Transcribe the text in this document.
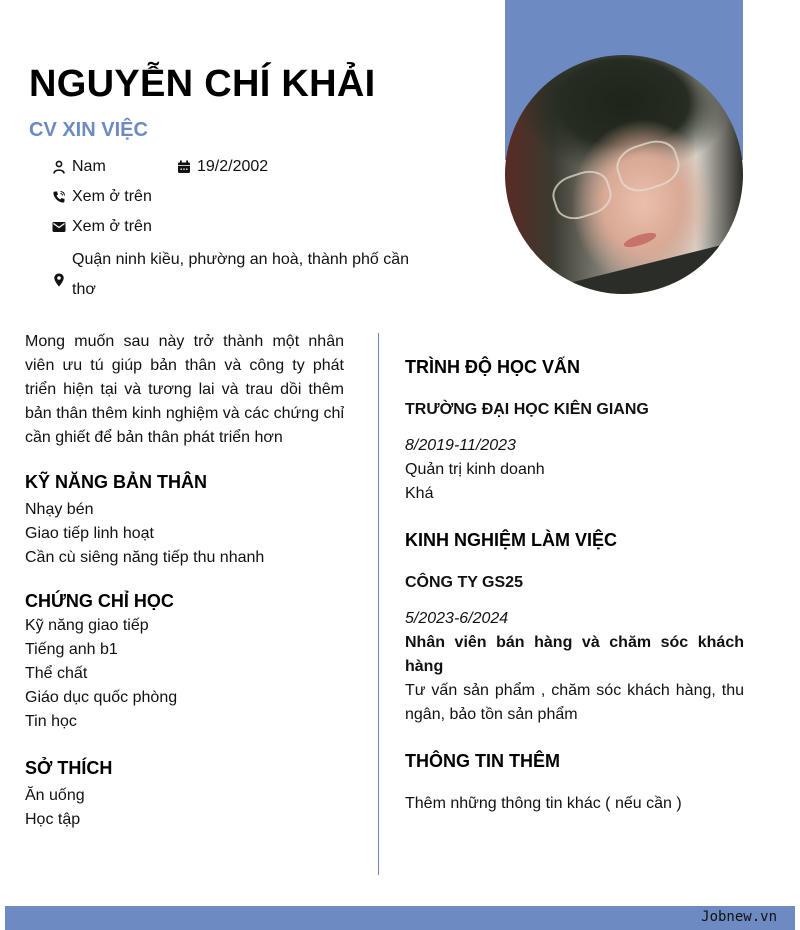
NGUYỄN CHÍ KHẢI
CV XIN VIỆC
Nam	19/2/2002
Xem ở trên
Xem ở trên
Quận ninh kiều, phường an hoà, thành phố cần thơ
Mong muốn sau này trở thành một nhân viên ưu tú giúp bản thân và công ty phát triển hiện tại và tương lai và trau dồi thêm bản thân thêm kinh nghiệm và các chứng chỉ cần ghiết để bản thân phát triển hơn
KỸ NĂNG BẢN THÂN
Nhạy bén
Giao tiếp linh hoạt
Cần cù siêng năng tiếp thu nhanh
CHỨNG CHỈ HỌC
Kỹ năng giao tiếp
Tiếng anh b1
Thể chất
Giáo dục quốc phòng
Tin học
SỞ THÍCH
Ăn uống
Học tập
TRÌNH ĐỘ HỌC VẤN
TRƯỜNG ĐẠI HỌC KIÊN GIANG
8/2019-11/2023
Quản trị kinh doanh
Khá
KINH NGHIỆM LÀM VIỆC
CÔNG TY GS25
5/2023-6/2024
Nhân viên bán hàng và chăm sóc khách hàng
Tư vấn sản phẩm , chăm sóc khách hàng, thu ngân, bảo tồn sản phẩm
THÔNG TIN THÊM
Thêm những thông tin khác ( nếu cần )
Jobnew.vn
